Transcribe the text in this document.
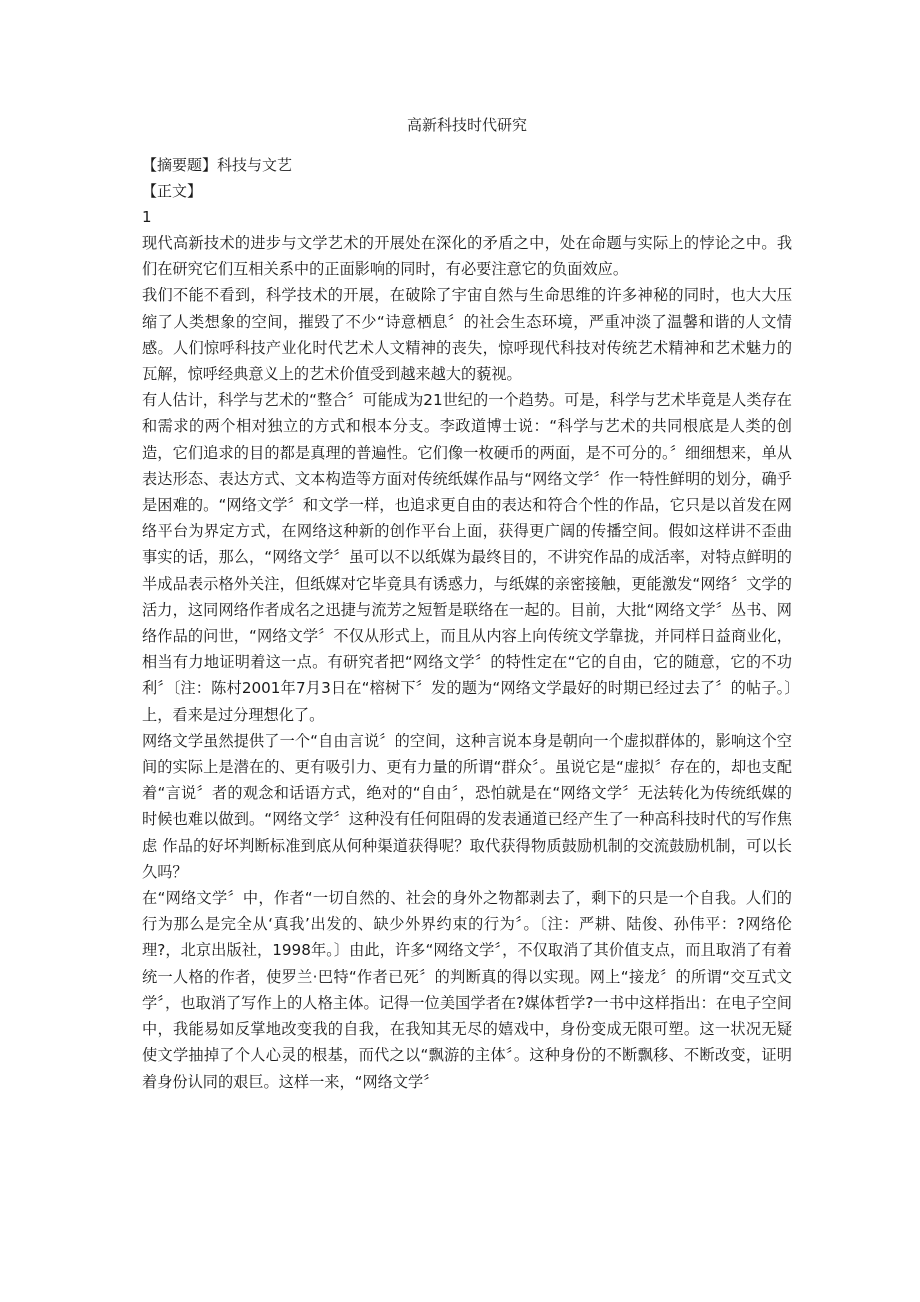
高新科技时代研究
【摘要题】科技与文艺
【正文】
1

现代高新技术的进步与文学艺术的开展处在深化的矛盾之中，处在命题与实际上的悖论之中。我们在研究它们互相关系中的正面影响的同时，有必要注意它的负面效应。

我们不能不看到，科学技术的开展，在破除了宇宙自然与生命思维的许多神秘的同时，也大大压缩了人类想象的空间，摧毁了不少“诗意栖息〞的社会生态环境，严重冲淡了温馨和谐的人文情感。人们惊呼科技产业化时代艺术人文精神的丧失，惊呼现代科技对传统艺术精神和艺术魅力的瓦解，惊呼经典意义上的艺术价值受到越来越大的藐视。

有人估计，科学与艺术的“整合〞可能成为21世纪的一个趋势。可是，科学与艺术毕竟是人类存在和需求的两个相对独立的方式和根本分支。李政道博士说：“科学与艺术的共同根底是人类的创造，它们追求的目的都是真理的普遍性。它们像一枚硬币的两面，是不可分的。〞细细想来，单从表达形态、表达方式、文本构造等方面对传统纸媒作品与“网络文学〞作一特性鲜明的划分，确乎是困难的。“网络文学〞和文学一样，也追求更自由的表达和符合个性的作品，它只是以首发在网络平台为界定方式，在网络这种新的创作平台上面，获得更广阔的传播空间。假如这样讲不歪曲事实的话，那么，“网络文学〞虽可以不以纸媒为最终目的，不讲究作品的成活率，对特点鲜明的半成品表示格外关注，但纸媒对它毕竟具有诱惑力，与纸媒的亲密接触，更能激发“网络〞文学的活力，这同网络作者成名之迅捷与流芳之短暂是联络在一起的。目前，大批“网络文学〞丛书、网络作品的问世，“网络文学〞不仅从形式上，而且从内容上向传统文学靠拢，并同样日益商业化，相当有力地证明着这一点。有研究者把“网络文学〞的特性定在“它的自由，它的随意，它的不功利〞〔注：陈村2001年7月3日在“榕树下〞发的题为“网络文学最好的时期已经过去了〞的帖子。〕上，看来是过分理想化了。

网络文学虽然提供了一个“自由言说〞的空间，这种言说本身是朝向一个虚拟群体的，影响这个空间的实际上是潜在的、更有吸引力、更有力量的所谓“群众〞。虽说它是“虚拟〞存在的，却也支配着“言说〞者的观念和话语方式，绝对的“自由〞，恐怕就是在“网络文学〞无法转化为传统纸媒的时候也难以做到。“网络文学〞这种没有任何阻碍的发表通道已经产生了一种高科技时代的写作焦虑 作品的好坏判断标准到底从何种渠道获得呢？取代获得物质鼓励机制的交流鼓励机制，可以长久吗？

在“网络文学〞中，作者“一切自然的、社会的身外之物都剥去了，剩下的只是一个自我。人们的行为那么是完全从‘真我’出发的、缺少外界约束的行为〞。〔注：严耕、陆俊、孙伟平：?网络伦理?，北京出版社，1998年。〕由此，许多“网络文学〞，不仅取消了其价值支点，而且取消了有着统一人格的作者，使罗兰·巴特“作者已死〞的判断真的得以实现。网上“接龙〞的所谓“交互式文学〞，也取消了写作上的人格主体。记得一位美国学者在?媒体哲学?一书中这样指出：在电子空间中，我能易如反掌地改变我的自我，在我知其无尽的嬉戏中，身份变成无限可塑。这一状况无疑使文学抽掉了个人心灵的根基，而代之以“飘游的主体〞。这种身份的不断飘移、不断改变，证明着身份认同的艰巨。这样一来，“网络文学〞
